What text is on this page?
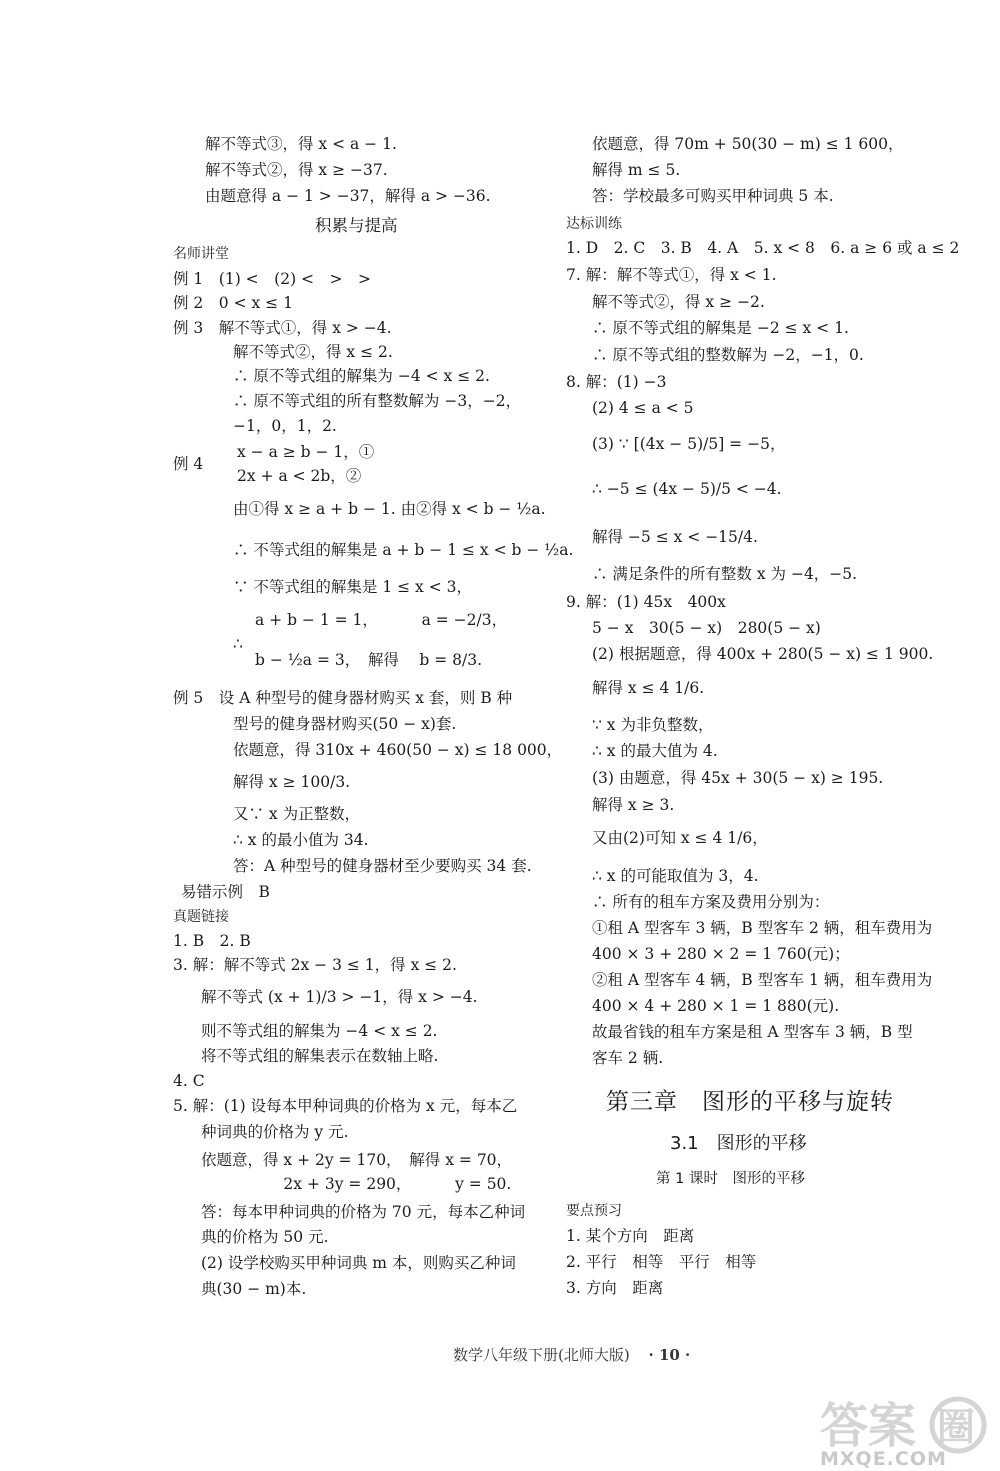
解不等式③，得 x < a − 1.
解不等式②，得 x ≥ −37.
由题意得 a − 1 > −37，解得 a > −36.
积累与提高
名师讲堂
例 1　(1) <　(2) <　>　>
例 2　0 < x ≤ 1
例 3　解不等式①，得 x > −4.
解不等式②，得 x ≤ 2.
∴ 原不等式组的解集为 −4 < x ≤ 2.
∴ 原不等式组的所有整数解为 −3，−2，
−1，0，1，2.
x − a ≥ b − 1，①
例 4
2x + a < 2b，②
由①得 x ≥ a + b − 1. 由②得 x < b − ½a.
∴ 不等式组的解集是 a + b − 1 ≤ x < b − ½a.
∵ 不等式组的解集是 1 ≤ x < 3，
a + b − 1 = 1，　　　 a = −2/3，
∴
b − ½a = 3，　解得　 b = 8/3.
例 5　设 A 种型号的健身器材购买 x 套，则 B 种
型号的健身器材购买(50 − x)套.
依题意，得 310x + 460(50 − x) ≤ 18 000，
解得 x ≥ 100/3.
又∵ x 为正整数，
∴ x 的最小值为 34.
答：A 种型号的健身器材至少要购买 34 套.
易错示例　B
真题链接
1. B　2. B
3. 解：解不等式 2x − 3 ≤ 1，得 x ≤ 2.
解不等式 (x + 1)/3 > −1，得 x > −4.
则不等式组的解集为 −4 < x ≤ 2.
将不等式组的解集表示在数轴上略.
4. C
5. 解：(1) 设每本甲种词典的价格为 x 元，每本乙
种词典的价格为 y 元.
依题意，得 x + 2y = 170，　解得 x = 70，
　　　　　 2x + 3y = 290，　　　 y = 50.
答：每本甲种词典的价格为 70 元，每本乙种词
典的价格为 50 元.
(2) 设学校购买甲种词典 m 本，则购买乙种词
典(30 − m)本.
依题意，得 70m + 50(30 − m) ≤ 1 600，
解得 m ≤ 5.
答：学校最多可购买甲种词典 5 本.
达标训练
1. D　2. C　3. B　4. A　5. x < 8　6. a ≥ 6 或 a ≤ 2
7. 解：解不等式①，得 x < 1.
解不等式②，得 x ≥ −2.
∴ 原不等式组的解集是 −2 ≤ x < 1.
∴ 原不等式组的整数解为 −2，−1，0.
8. 解：(1) −3
(2) 4 ≤ a < 5
(3) ∵ [(4x − 5)/5] = −5，
∴ −5 ≤ (4x − 5)/5 < −4.
解得 −5 ≤ x < −15/4.
∴ 满足条件的所有整数 x 为 −4，−5.
9. 解：(1) 45x　400x
5 − x　30(5 − x)　280(5 − x)
(2) 根据题意，得 400x + 280(5 − x) ≤ 1 900.
解得 x ≤ 4 1/6.
∵ x 为非负整数，
∴ x 的最大值为 4.
(3) 由题意，得 45x + 30(5 − x) ≥ 195.
解得 x ≥ 3.
又由(2)可知 x ≤ 4 1/6，
∴ x 的可能取值为 3，4.
∴ 所有的租车方案及费用分别为：
①租 A 型客车 3 辆，B 型客车 2 辆，租车费用为
400 × 3 + 280 × 2 = 1 760(元)；
②租 A 型客车 4 辆，B 型客车 1 辆，租车费用为
400 × 4 + 280 × 1 = 1 880(元).
故最省钱的租车方案是租 A 型客车 3 辆，B 型
客车 2 辆.
第三章　图形的平移与旋转
3.1　图形的平移
第 1 课时　图形的平移
要点预习
1. 某个方向　距离
2. 平行　相等　平行　相等
3. 方向　距离
数学八年级下册(北师大版) · 10 ·
答案 圈
MXQE.COM
